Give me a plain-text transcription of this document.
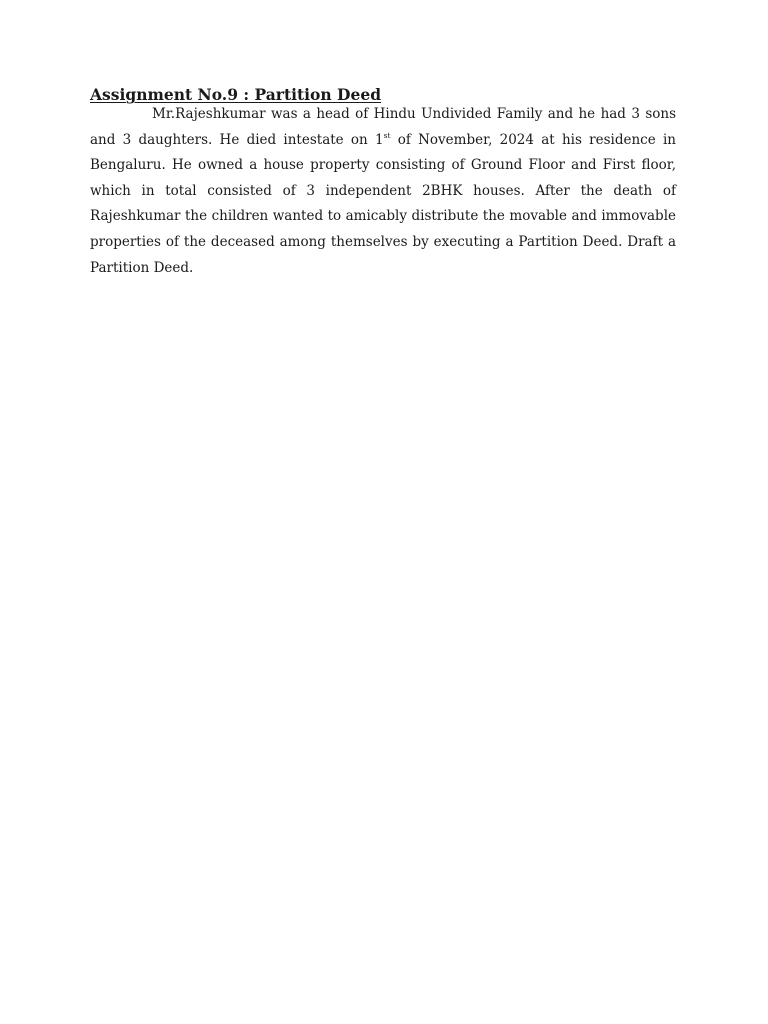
Assignment No.9 : Partition Deed

Mr.Rajeshkumar was a head of Hindu Undivided Family and he had 3 sons and 3 daughters. He died intestate on 1st of November, 2024 at his residence in Bengaluru. He owned a house property consisting of Ground Floor and First floor, which in total consisted of 3 independent 2BHK houses. After the death of Rajeshkumar the children wanted to amicably distribute the movable and immovable properties of the deceased among themselves by executing a Partition Deed. Draft a Partition Deed.
